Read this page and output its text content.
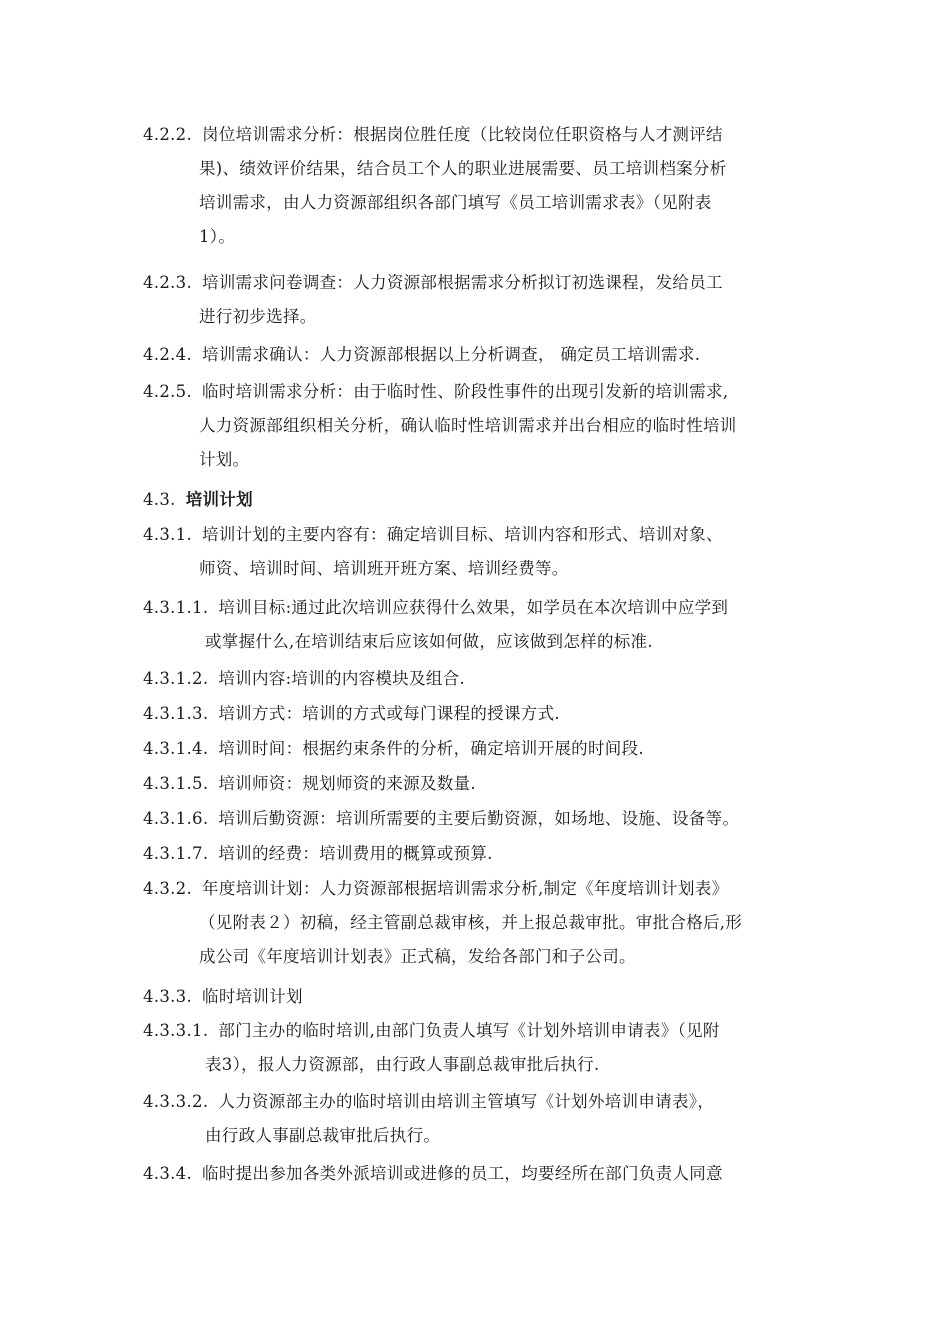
4.2.2. 岗位培训需求分析：根据岗位胜任度（比较岗位任职资格与人才测评结
果)、绩效评价结果，结合员工个人的职业进展需要、员工培训档案分析
培训需求，由人力资源部组织各部门填写《员工培训需求表》（见附表
1）。
4.2.3. 培训需求问卷调查：人力资源部根据需求分析拟订初选课程，发给员工
进行初步选择。
4.2.4. 培训需求确认：人力资源部根据以上分析调查， 确定员工培训需求.
4.2.5. 临时培训需求分析：由于临时性、阶段性事件的出现引发新的培训需求,
人力资源部组织相关分析，确认临时性培训需求并出台相应的临时性培训
计划。
4.3. 培训计划
4.3.1. 培训计划的主要内容有：确定培训目标、培训内容和形式、培训对象、
师资、培训时间、培训班开班方案、培训经费等。
4.3.1.1. 培训目标:通过此次培训应获得什么效果，如学员在本次培训中应学到
或掌握什么,在培训结束后应该如何做，应该做到怎样的标准.
4.3.1.2. 培训内容:培训的内容模块及组合.
4.3.1.3. 培训方式：培训的方式或每门课程的授课方式.
4.3.1.4. 培训时间：根据约束条件的分析，确定培训开展的时间段.
4.3.1.5. 培训师资：规划师资的来源及数量.
4.3.1.6. 培训后勤资源：培训所需要的主要后勤资源，如场地、设施、设备等。
4.3.1.7. 培训的经费：培训费用的概算或预算.
4.3.2. 年度培训计划：人力资源部根据培训需求分析,制定《年度培训计划表》
（见附表２）初稿，经主管副总裁审核，并上报总裁审批。审批合格后,形
成公司《年度培训计划表》正式稿，发给各部门和子公司。
4.3.3. 临时培训计划
4.3.3.1. 部门主办的临时培训,由部门负责人填写《计划外培训申请表》（见附
表3），报人力资源部，由行政人事副总裁审批后执行.
4.3.3.2. 人力资源部主办的临时培训由培训主管填写《计划外培训申请表》，
由行政人事副总裁审批后执行。
4.3.4. 临时提出参加各类外派培训或进修的员工，均要经所在部门负责人同意
